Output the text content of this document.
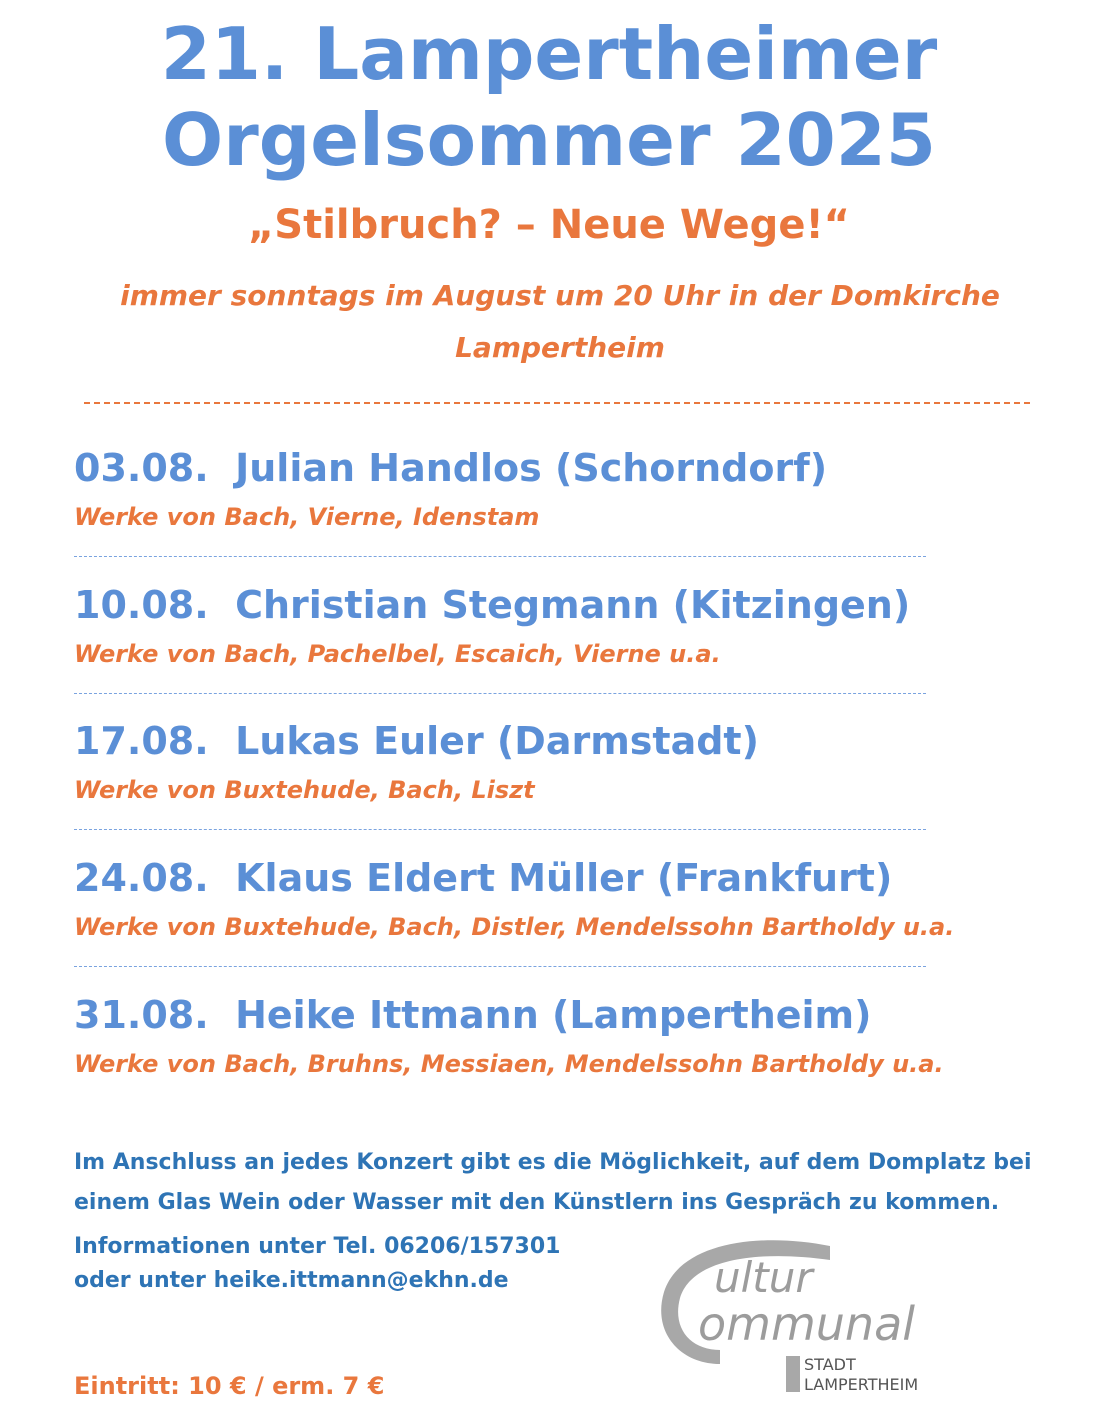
21. Lampertheimer
Orgelsommer 2025
„Stilbruch? – Neue Wege!“
immer sonntags im August um 20 Uhr in der Domkirche
Lampertheim
03.08. Julian Handlos (Schorndorf)
Werke von Bach, Vierne, Idenstam
10.08. Christian Stegmann (Kitzingen)
Werke von Bach, Pachelbel, Escaich, Vierne u.a.
17.08. Lukas Euler (Darmstadt)
Werke von Buxtehude, Bach, Liszt
24.08. Klaus Eldert Müller (Frankfurt)
Werke von Buxtehude, Bach, Distler, Mendelssohn Bartholdy u.a.
31.08. Heike Ittmann (Lampertheim)
Werke von Bach, Bruhns, Messiaen, Mendelssohn Bartholdy u.a.
Im Anschluss an jedes Konzert gibt es die Möglichkeit, auf dem Domplatz bei
einem Glas Wein oder Wasser mit den Künstlern ins Gespräch zu kommen.
Informationen unter Tel. 06206/157301
oder unter heike.ittmann@ekhn.de
Eintritt: 10 € / erm. 7 €
ultur
ommunal
STADT
LAMPERTHEIM
